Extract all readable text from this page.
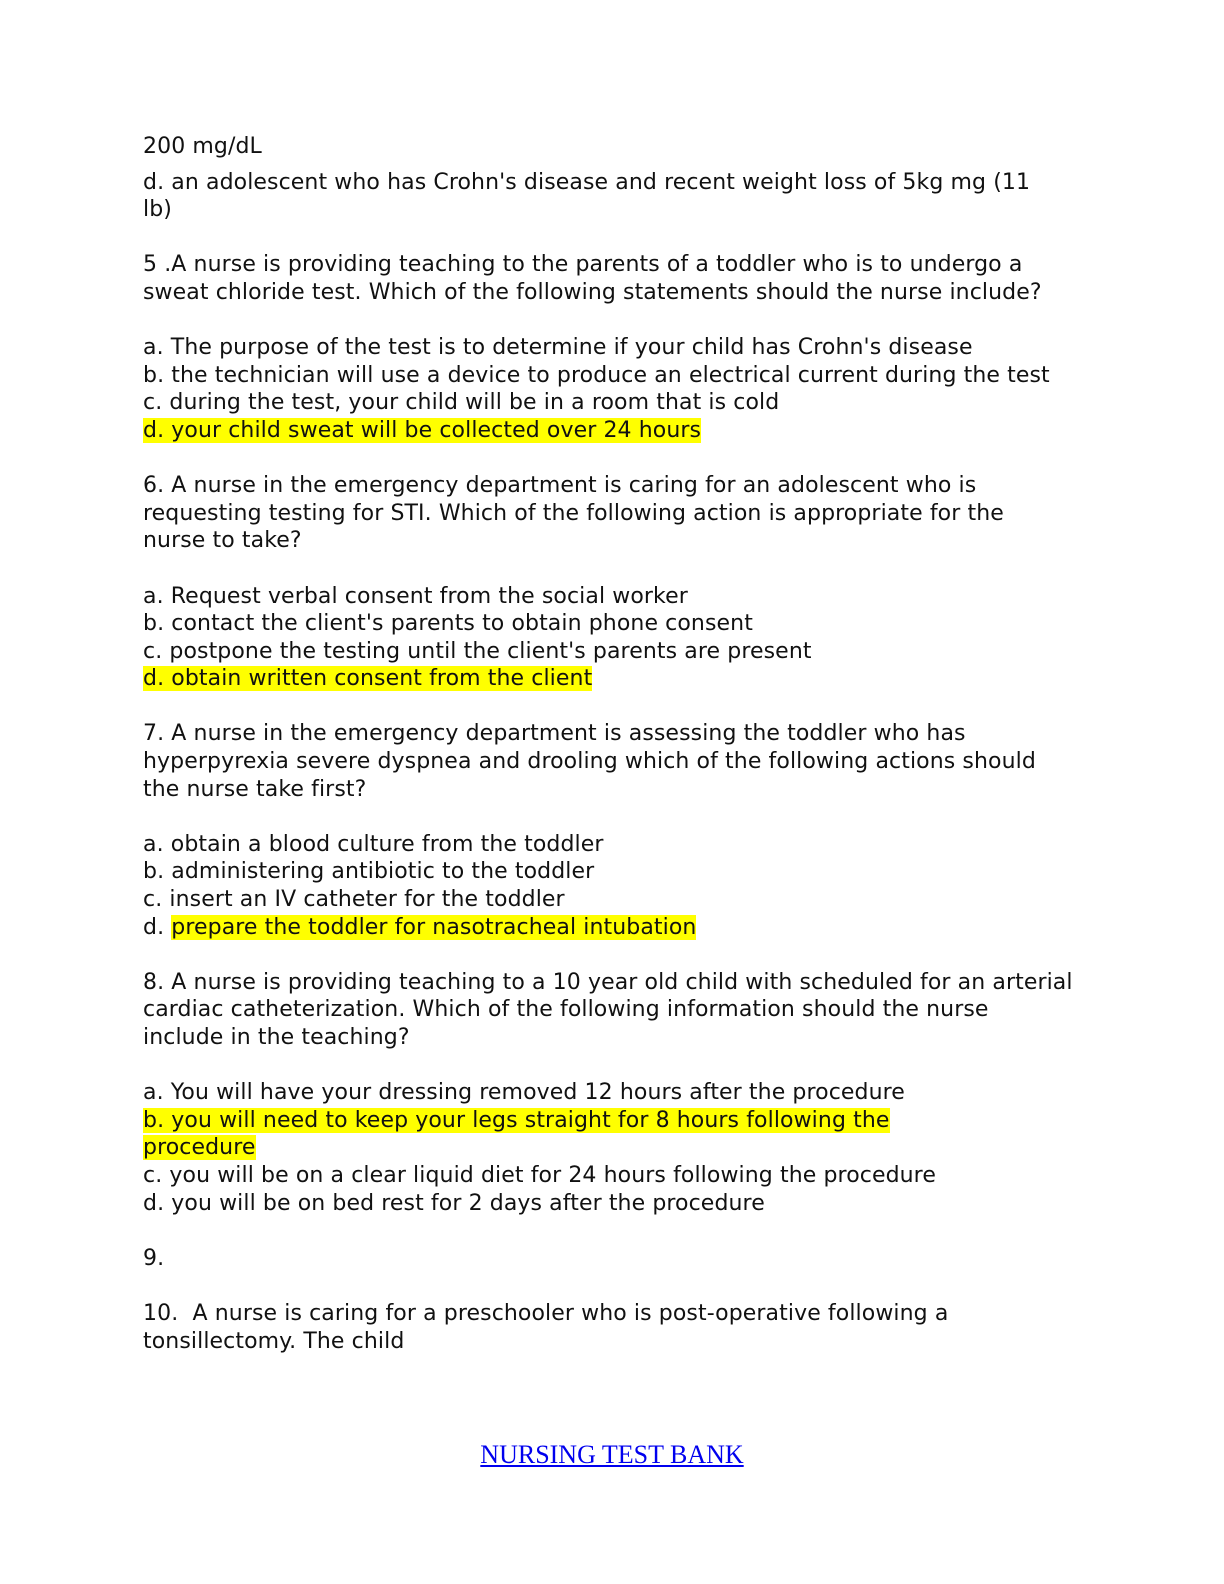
200 mg/dL
d. an adolescent who has Crohn's disease and recent weight loss of 5kg mg (11 lb)
5 .A nurse is providing teaching to the parents of a toddler who is to undergo a sweat chloride test. Which of the following statements should the nurse include?
a. The purpose of the test is to determine if your child has Crohn's disease
b. the technician will use a device to produce an electrical current during the test
c. during the test, your child will be in a room that is cold
d. your child sweat will be collected over 24 hours
6. A nurse in the emergency department is caring for an adolescent who is requesting testing for STI. Which of the following action is appropriate for the nurse to take?
a. Request verbal consent from the social worker
b. contact the client's parents to obtain phone consent
c. postpone the testing until the client's parents are present
d. obtain written consent from the client
7. A nurse in the emergency department is assessing the toddler who has hyperpyrexia severe dyspnea and drooling which of the following actions should the nurse take first?
a. obtain a blood culture from the toddler
b. administering antibiotic to the toddler
c. insert an IV catheter for the toddler
d. prepare the toddler for nasotracheal intubation
8. A nurse is providing teaching to a 10 year old child with scheduled for an arterial cardiac catheterization. Which of the following information should the nurse include in the teaching?
a. You will have your dressing removed 12 hours after the procedure
b. you will need to keep your legs straight for 8 hours following the procedure
c. you will be on a clear liquid diet for 24 hours following the procedure
d. you will be on bed rest for 2 days after the procedure
9.
10. A nurse is caring for a preschooler who is post-operative following a tonsillectomy. The child
NURSING TEST BANK
